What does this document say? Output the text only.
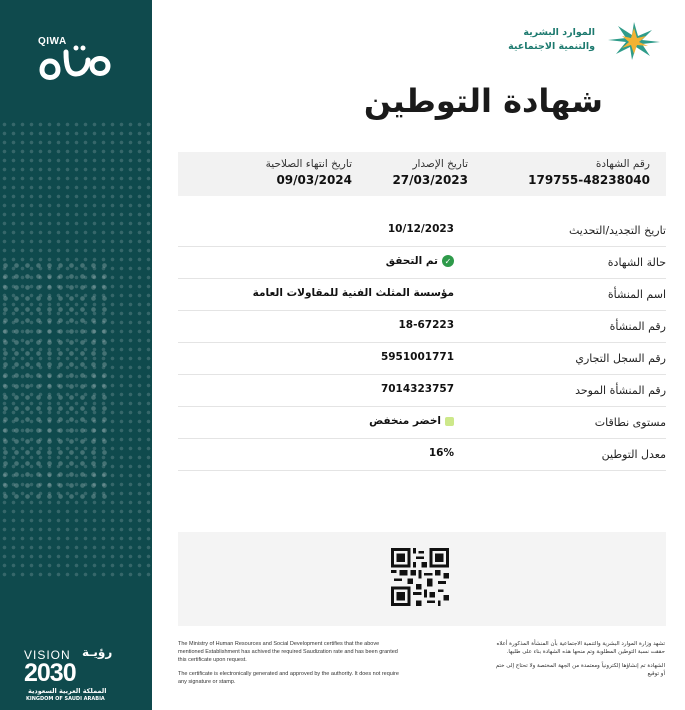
QIWA
VISION رؤيـة
2030
المملكة العربية السعودية
KINGDOM OF SAUDI ARABIA
الموارد البشرية
والتنمية الاجتماعية
شهادة التوطين
رقم الشهادة
179755-48238040
تاريخ الإصدار
27/03/2023
تاريخ انتهاء الصلاحية
09/03/2024
تاريخ التجديد/التحديث
10/12/2023
حالة الشهادة
✓
تم التحقق
اسم المنشأة
مؤسسة المثلث الفنية للمقاولات العامة
رقم المنشأة
18-67223
رقم السجل التجاري
5951001771
رقم المنشأة الموحد
7014323757
مستوى نطاقات
اخضر منخفض
معدل التوطين
16%
The Ministry of Human Resources and Social Development certifies that the above mentioned Establishment has achived the required Saudization rate and has been granted this certificate upon request.
The certificate is electronically generated and approved by the authority. It does not require any signature or stamp.
تشهد وزارة الموارد البشرية والتنمية الاجتماعية بأن المنشأة المذكورة أعلاه حققت نسبة التوطين المطلوبة وتم منحها هذه الشهادة بناء على طلبها.
الشهادة تم إنشاؤها إلكترونياً ومعتمدة من الجهة المختصة ولا تحتاج إلى ختم أو توقيع
